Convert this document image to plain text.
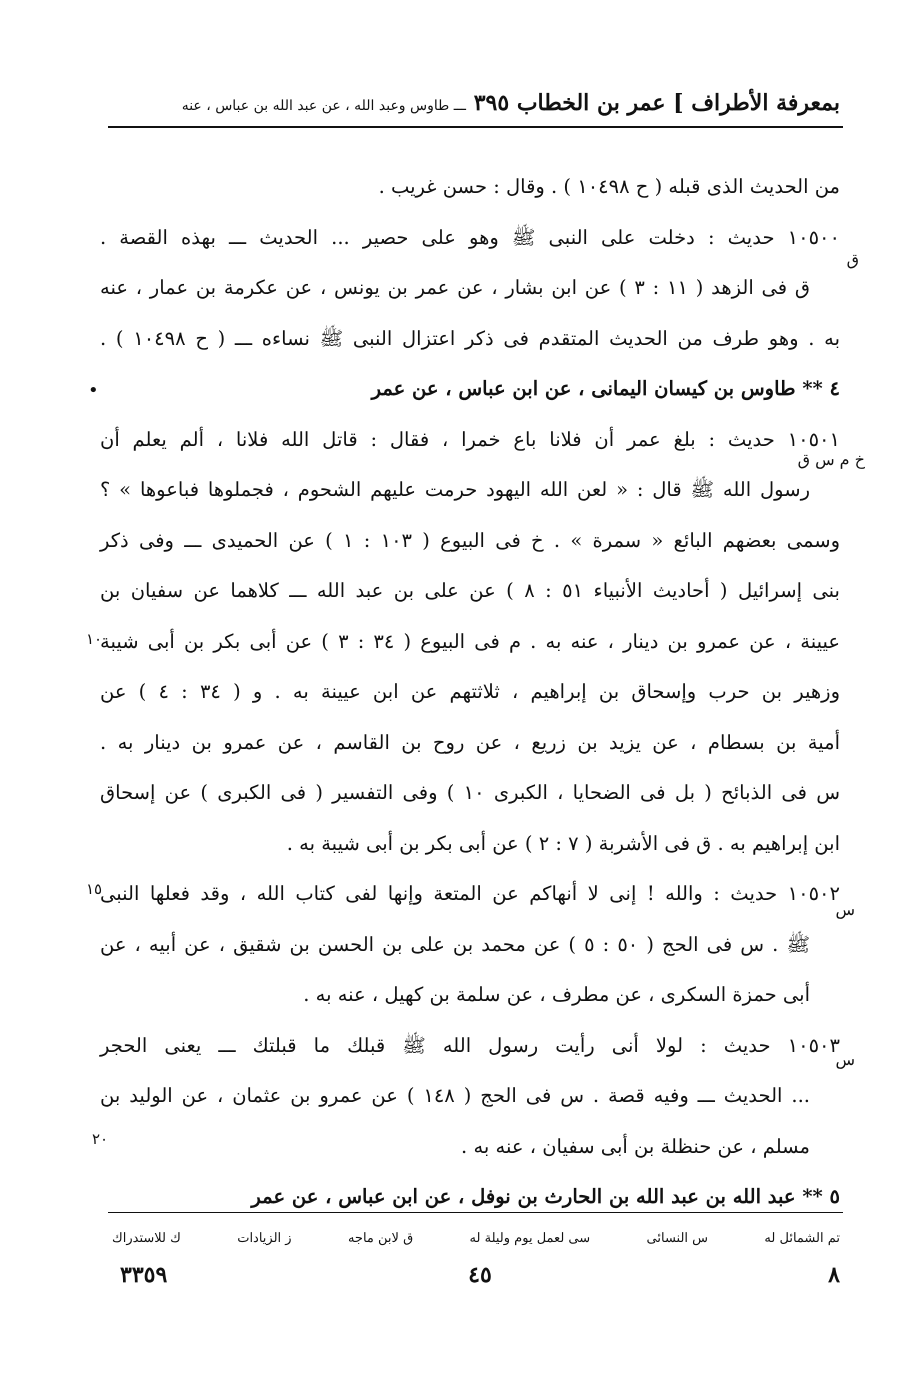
بمعرفة الأطراف ] عمر بن الخطاب ٣٩٥ ـــ طاوس وعبد الله ، عن عبد الله بن عباس ، عنه
من الحديث الذى قبله ( ح ١٠٤٩٨ ) . وقال : حسن غريب .
١٠٥٠٠ حديث : دخلت على النبى ﷺ وهو على حصير ... الحديث ـــ بهذه القصة .
ق فى الزهد ( ١١ : ٣ ) عن ابن بشار ، عن عمر بن يونس ، عن عكرمة بن عمار ، عنه
به . وهو طرف من الحديث المتقدم فى ذكر اعتزال النبى ﷺ نساءه ـــ ( ح ١٠٤٩٨ ) .
٤ ** طاوس بن كيسان اليمانى ، عن ابن عباس ، عن عمر
١٠٥٠١ حديث : بلغ عمر أن فلانا باع خمرا ، فقال : قاتل الله فلانا ، ألم يعلم أن
رسول الله ﷺ قال : « لعن الله اليهود حرمت عليهم الشحوم ، فجملوها فباعوها » ؟
وسمى بعضهم البائع « سمرة » . خ فى البيوع ( ١٠٣ : ١ ) عن الحميدى ـــ وفى ذكر
بنى إسرائيل ( أحاديث الأنبياء ٥١ : ٨ ) عن على بن عبد الله ـــ كلاهما عن سفيان بن
عيينة ، عن عمرو بن دينار ، عنه به . م فى البيوع ( ٣٤ : ٣ ) عن أبى بكر بن أبى شيبة
وزهير بن حرب وإسحاق بن إبراهيم ، ثلاثتهم عن ابن عيينة به . و ( ٣٤ : ٤ ) عن
أمية بن بسطام ، عن يزيد بن زريع ، عن روح بن القاسم ، عن عمرو بن دينار به .
س فى الذبائح ( بل فى الضحايا ، الكبرى ١٠ ) وفى التفسير ( فى الكبرى ) عن إسحاق
ابن إبراهيم به . ق فى الأشربة ( ٧ : ٢ ) عن أبى بكر بن أبى شيبة به .
١٠٥٠٢ حديث : والله ! إنى لا أنهاكم عن المتعة وإنها لفى كتاب الله ، وقد فعلها النبى
ﷺ . س فى الحج ( ٥٠ : ٥ ) عن محمد بن على بن الحسن بن شقيق ، عن أبيه ، عن
أبى حمزة السكرى ، عن مطرف ، عن سلمة بن كهيل ، عنه به .
١٠٥٠٣ حديث : لولا أنى رأيت رسول الله ﷺ قبلك ما قبلتك ـــ يعنى الحجر
... الحديث ـــ وفيه قصة . س فى الحج ( ١٤٨ ) عن عمرو بن عثمان ، عن الوليد بن
مسلم ، عن حنظلة بن أبى سفيان ، عنه به .
٥ ** عبد الله بن عبد الله بن الحارث بن نوفل ، عن ابن عباس ، عن عمر
ق
خ م س ق
س
س
١٠
١٥
٢٠
•
تم الشمائل له
س النسائى
سى لعمل يوم وليلة له
ق لابن ماجه
ز الزيادات
ك للاستدراك
٣٣٥٩	٤٥	٨
